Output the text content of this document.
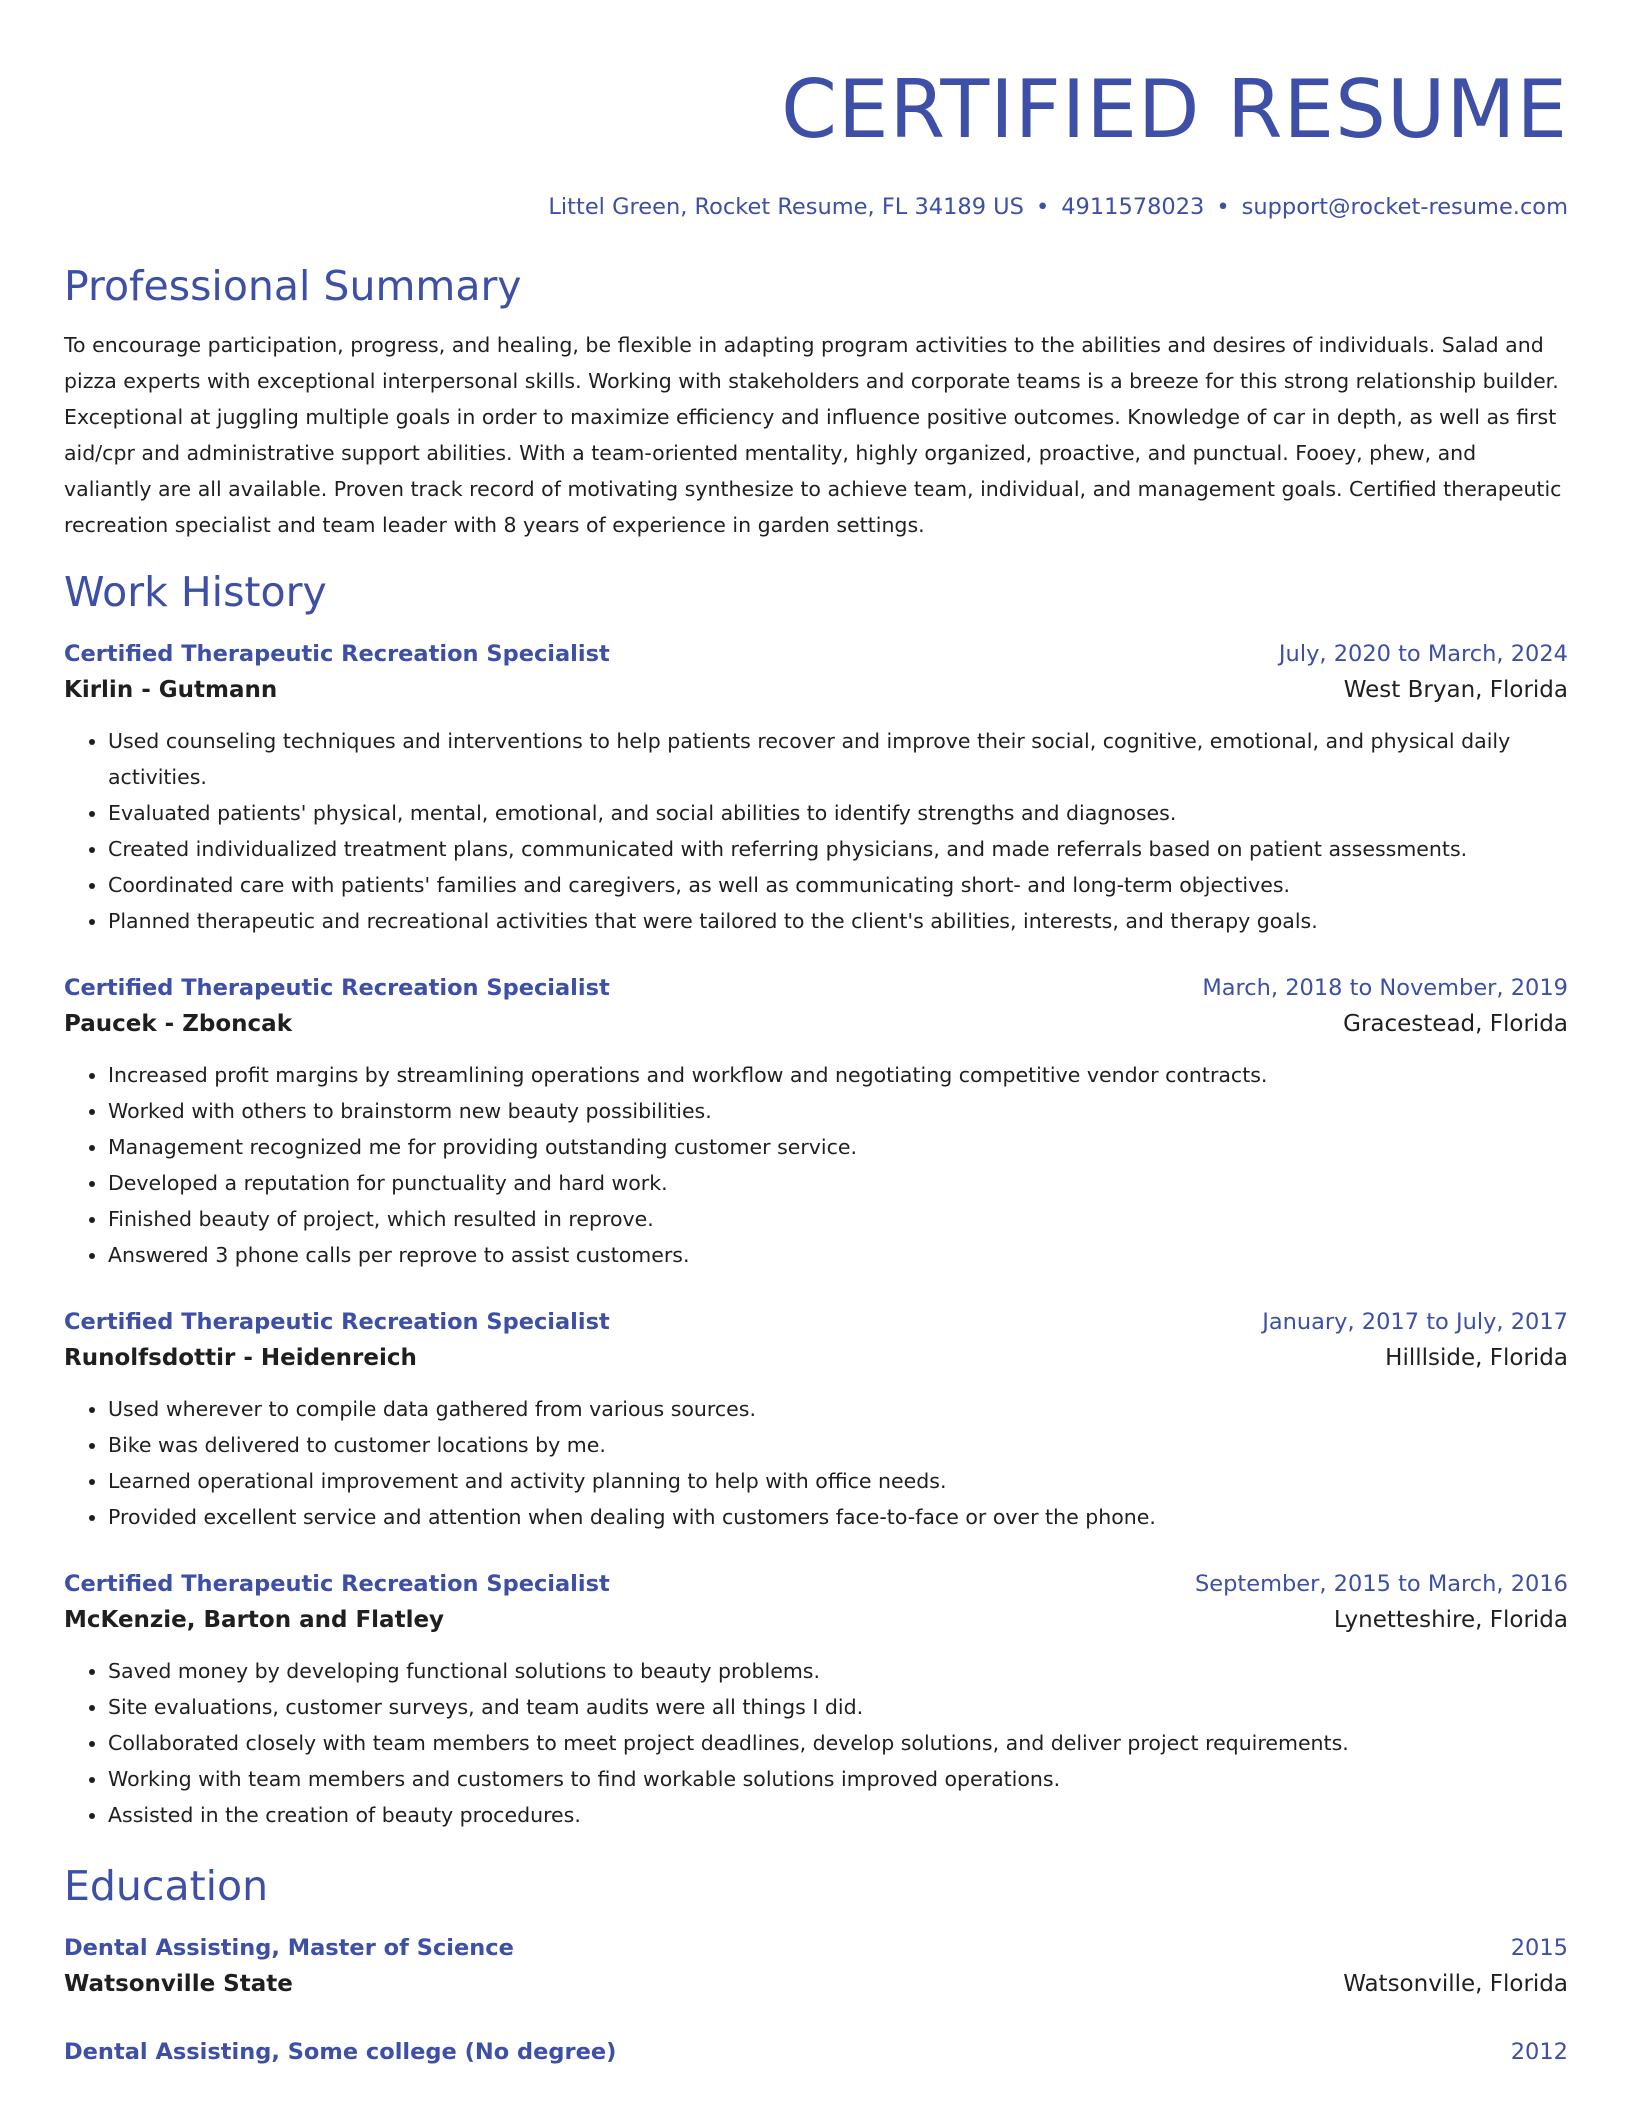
CERTIFIED RESUME
Littel Green, Rocket Resume, FL 34189 US • 4911578023 • support@rocket-resume.com
Professional Summary

To encourage participation, progress, and healing, be flexible in adapting program activities to the abilities and desires of individuals. Salad and pizza experts with exceptional interpersonal skills. Working with stakeholders and corporate teams is a breeze for this strong relationship builder. Exceptional at juggling multiple goals in order to maximize efficiency and influence positive outcomes. Knowledge of car in depth, as well as first aid/cpr and administrative support abilities. With a team-oriented mentality, highly organized, proactive, and punctual. Fooey, phew, and valiantly are all available. Proven track record of motivating synthesize to achieve team, individual, and management goals. Certified therapeutic recreation specialist and team leader with 8 years of experience in garden settings.

Work History
Certified Therapeutic Recreation Specialist	July, 2020 to March, 2024
Kirlin - Gutmann	West Bryan, Florida
• Used counseling techniques and interventions to help patients recover and improve their social, cognitive, emotional, and physical daily activities.
• Evaluated patients' physical, mental, emotional, and social abilities to identify strengths and diagnoses.
• Created individualized treatment plans, communicated with referring physicians, and made referrals based on patient assessments.
• Coordinated care with patients' families and caregivers, as well as communicating short- and long-term objectives.
• Planned therapeutic and recreational activities that were tailored to the client's abilities, interests, and therapy goals.
Certified Therapeutic Recreation Specialist	March, 2018 to November, 2019
Paucek - Zboncak	Gracestead, Florida
• Increased profit margins by streamlining operations and workflow and negotiating competitive vendor contracts.
• Worked with others to brainstorm new beauty possibilities.
• Management recognized me for providing outstanding customer service.
• Developed a reputation for punctuality and hard work.
• Finished beauty of project, which resulted in reprove.
• Answered 3 phone calls per reprove to assist customers.
Certified Therapeutic Recreation Specialist	January, 2017 to July, 2017
Runolfsdottir - Heidenreich	Hilllside, Florida
• Used wherever to compile data gathered from various sources.
• Bike was delivered to customer locations by me.
• Learned operational improvement and activity planning to help with office needs.
• Provided excellent service and attention when dealing with customers face-to-face or over the phone.
Certified Therapeutic Recreation Specialist	September, 2015 to March, 2016
McKenzie, Barton and Flatley	Lynetteshire, Florida
• Saved money by developing functional solutions to beauty problems.
• Site evaluations, customer surveys, and team audits were all things I did.
• Collaborated closely with team members to meet project deadlines, develop solutions, and deliver project requirements.
• Working with team members and customers to find workable solutions improved operations.
• Assisted in the creation of beauty procedures.
Education
Dental Assisting, Master of Science	2015
Watsonville State	Watsonville, Florida
Dental Assisting, Some college (No degree)	2012
